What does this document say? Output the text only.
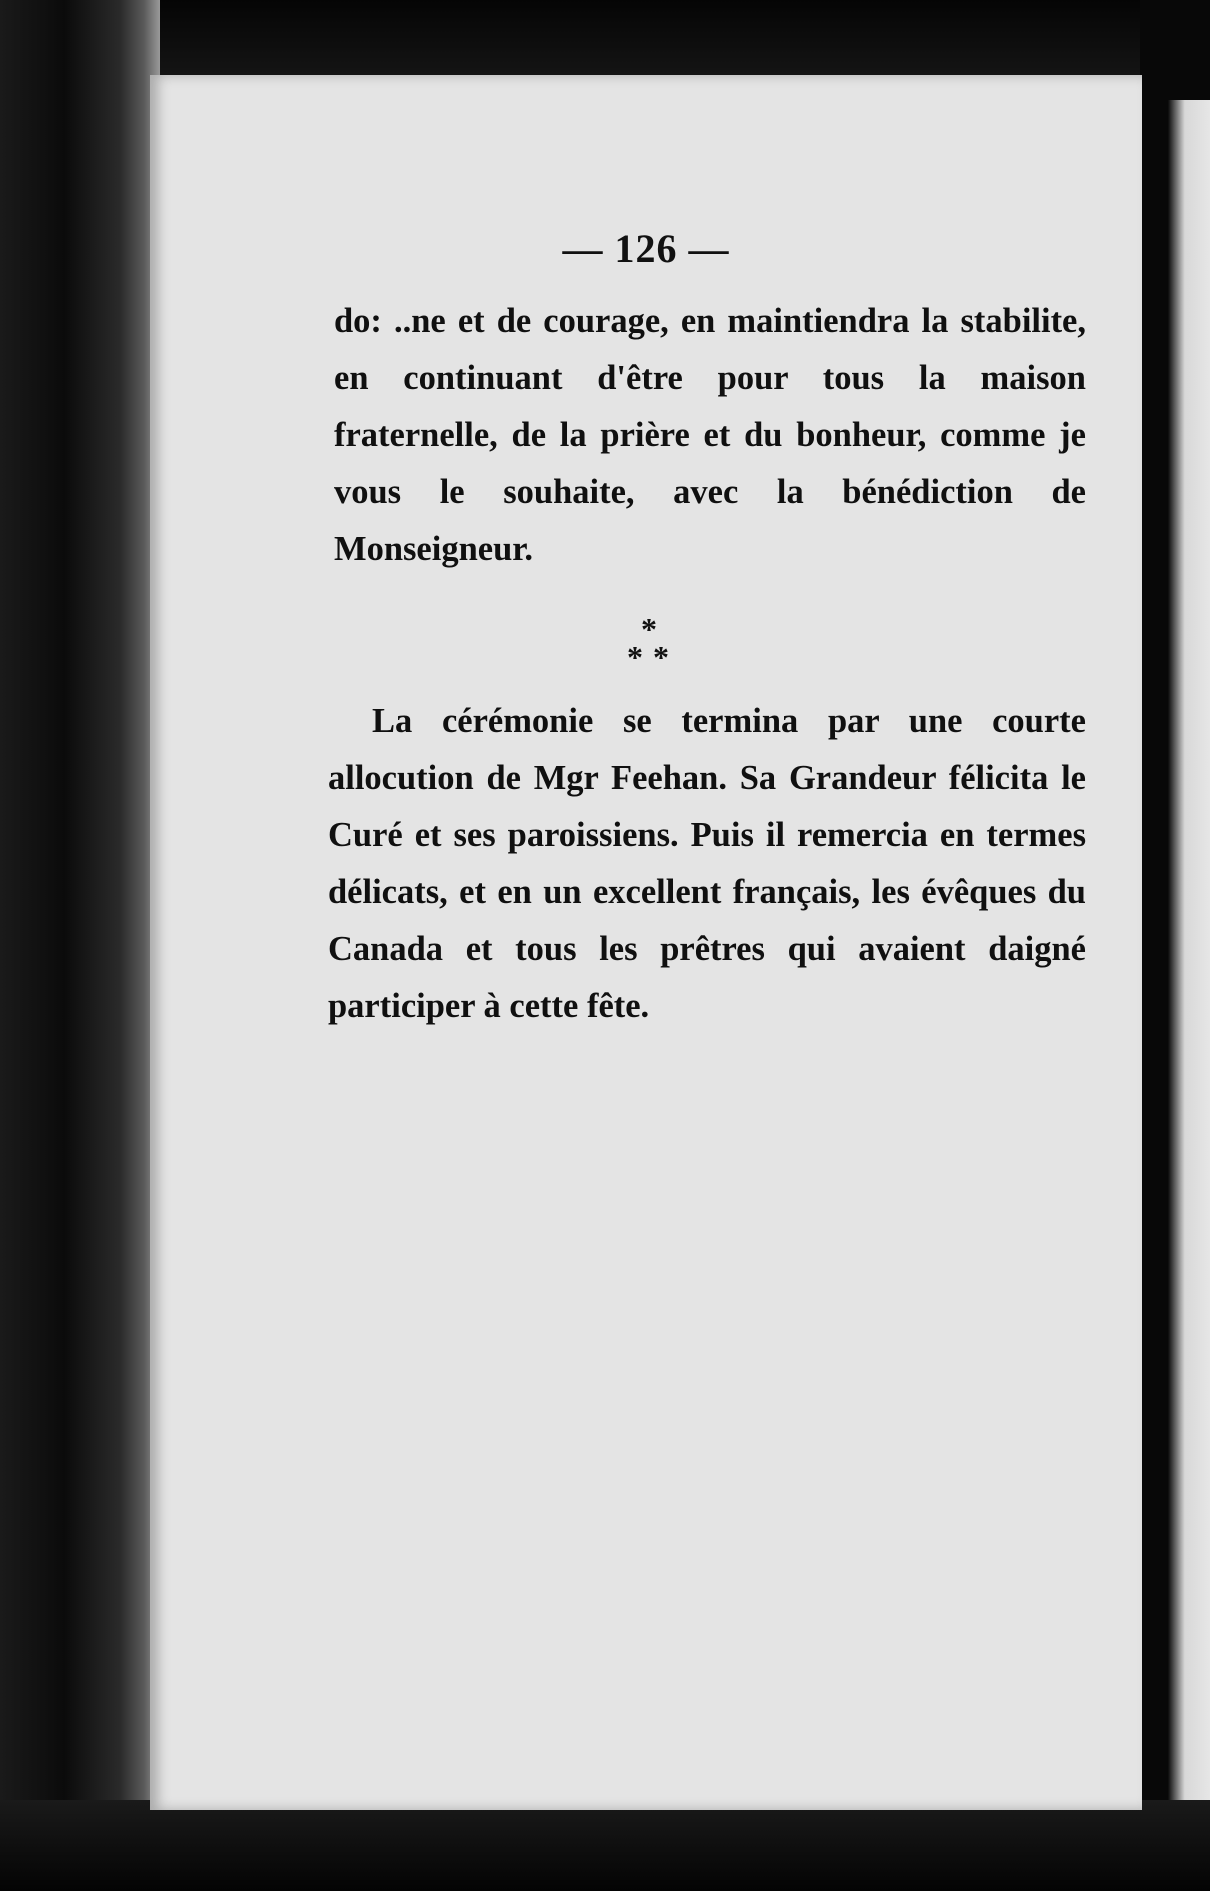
— 126 —

do: ..ne et de courage, en maintiendra la stabilite, en continuant d'être pour tous la maison fraternelle, de la prière et du bonheur, comme je vous le souhaite, avec la bénédiction de Monseigneur.

*
**

La cérémonie se termina par une courte allocution de Mgr Feehan. Sa Grandeur félicita le Curé et ses paroissiens. Puis il remercia en termes délicats, et en un excellent français, les évêques du Canada et tous les prêtres qui avaient daigné participer à cette fête.
